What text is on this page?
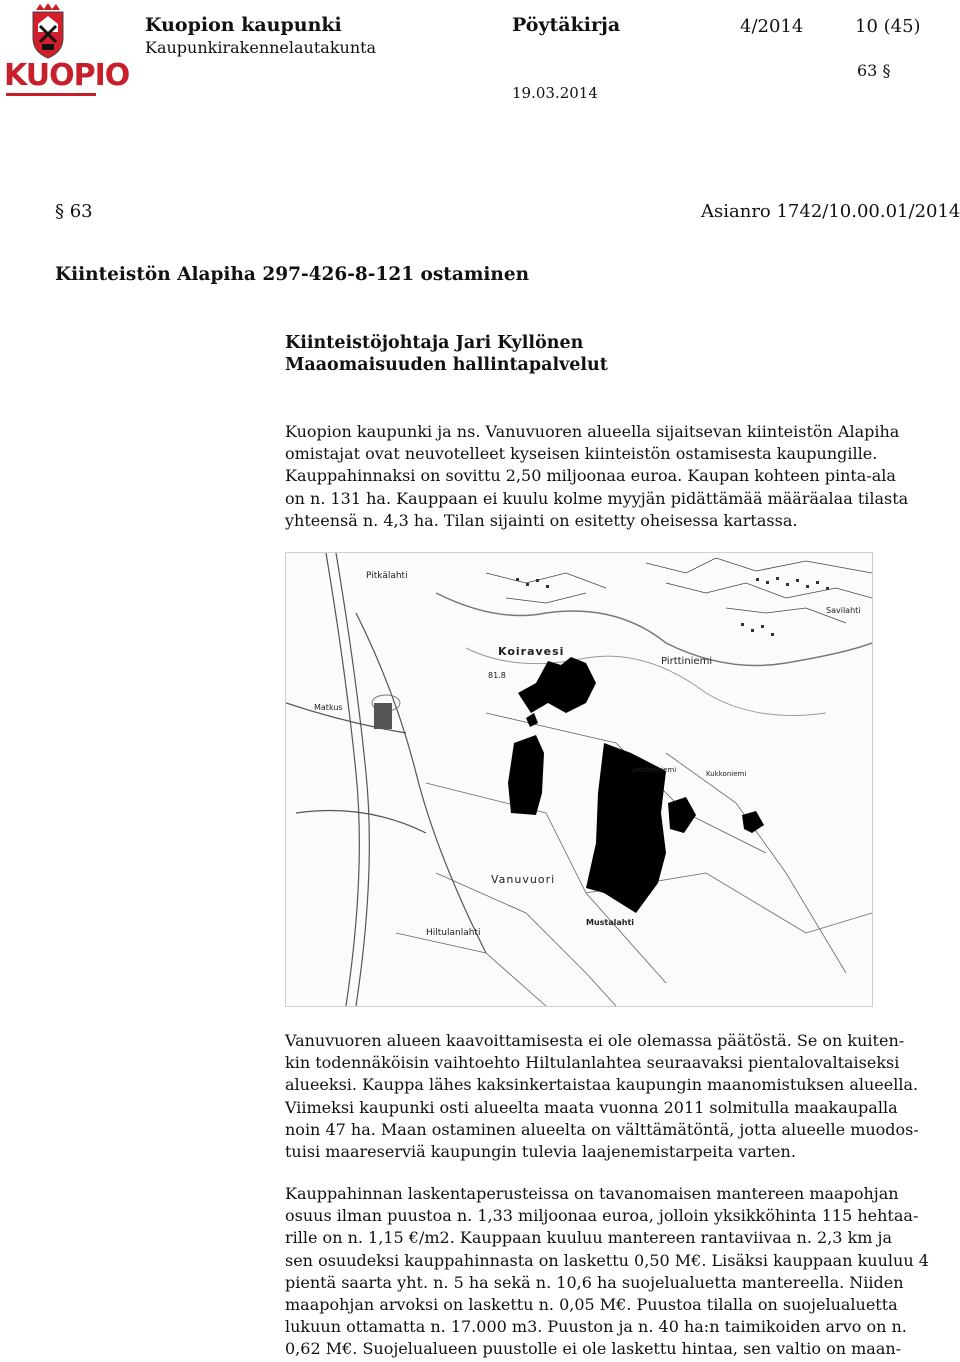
KUOPIO
Kuopion kaupunki
Kaupunkirakennelautakunta
Pöytäkirja	4/2014	10 (45)
63 §
19.03.2014
§ 63	Asianro 1742/10.00.01/2014
Kiinteistön Alapiha 297-426-8-121 ostaminen
Kiinteistöjohtaja Jari Kyllönen
Maaomaisuuden hallintapalvelut
Kuopion kaupunki ja ns. Vanuvuoren alueella sijaitsevan kiinteistön Alapiha
omistajat ovat neuvotelleet kyseisen kiinteistön ostamisesta kaupungille.
Kauppahinnaksi on sovittu 2,50 miljoonaa euroa. Kaupan kohteen pinta-ala
on n. 131 ha. Kauppaan ei kuulu kolme myyjän pidättämää määräalaa tilasta
yhteensä n. 4,3 ha. Tilan sijainti on esitetty oheisessa kartassa.
Pitkälahti
Koiravesi
Pirttiniemi
81.8
Lehdonniemi	Kukkoniemi
Matkus
Vanuvuori
Mustalahti
Hiltulanlahti
Savilahti
Vanuvuoren alueen kaavoittamisesta ei ole olemassa päätöstä. Se on kuiten-
kin todennäköisin vaihtoehto Hiltulanlahtea seuraavaksi pientalovaltaiseksi
alueeksi. Kauppa lähes kaksinkertaistaa kaupungin maanomistuksen alueella.
Viimeksi kaupunki osti alueelta maata vuonna 2011 solmitulla maakaupalla
noin 47 ha. Maan ostaminen alueelta on välttämätöntä, jotta alueelle muodos-
tuisi maareserviä kaupungin tulevia laajenemistarpeita varten.
Kauppahinnan laskentaperusteissa on tavanomaisen mantereen maapohjan
osuus ilman puustoa n. 1,33 miljoonaa euroa, jolloin yksikköhinta 115 hehtaa-
rille on n. 1,15 €/m2. Kauppaan kuuluu mantereen rantaviivaa n. 2,3 km ja
sen osuudeksi kauppahinnasta on laskettu 0,50 M€. Lisäksi kauppaan kuuluu 4
pientä saarta yht. n. 5 ha sekä n. 10,6 ha suojelualuetta mantereella. Niiden
maapohjan arvoksi on laskettu n. 0,05 M€. Puustoa tilalla on suojelualuetta
lukuun ottamatta n. 17.000 m3. Puuston ja n. 40 ha:n taimikoiden arvo on n.
0,62 M€. Suojelualueen puustolle ei ole laskettu hintaa, sen valtio on maan-
